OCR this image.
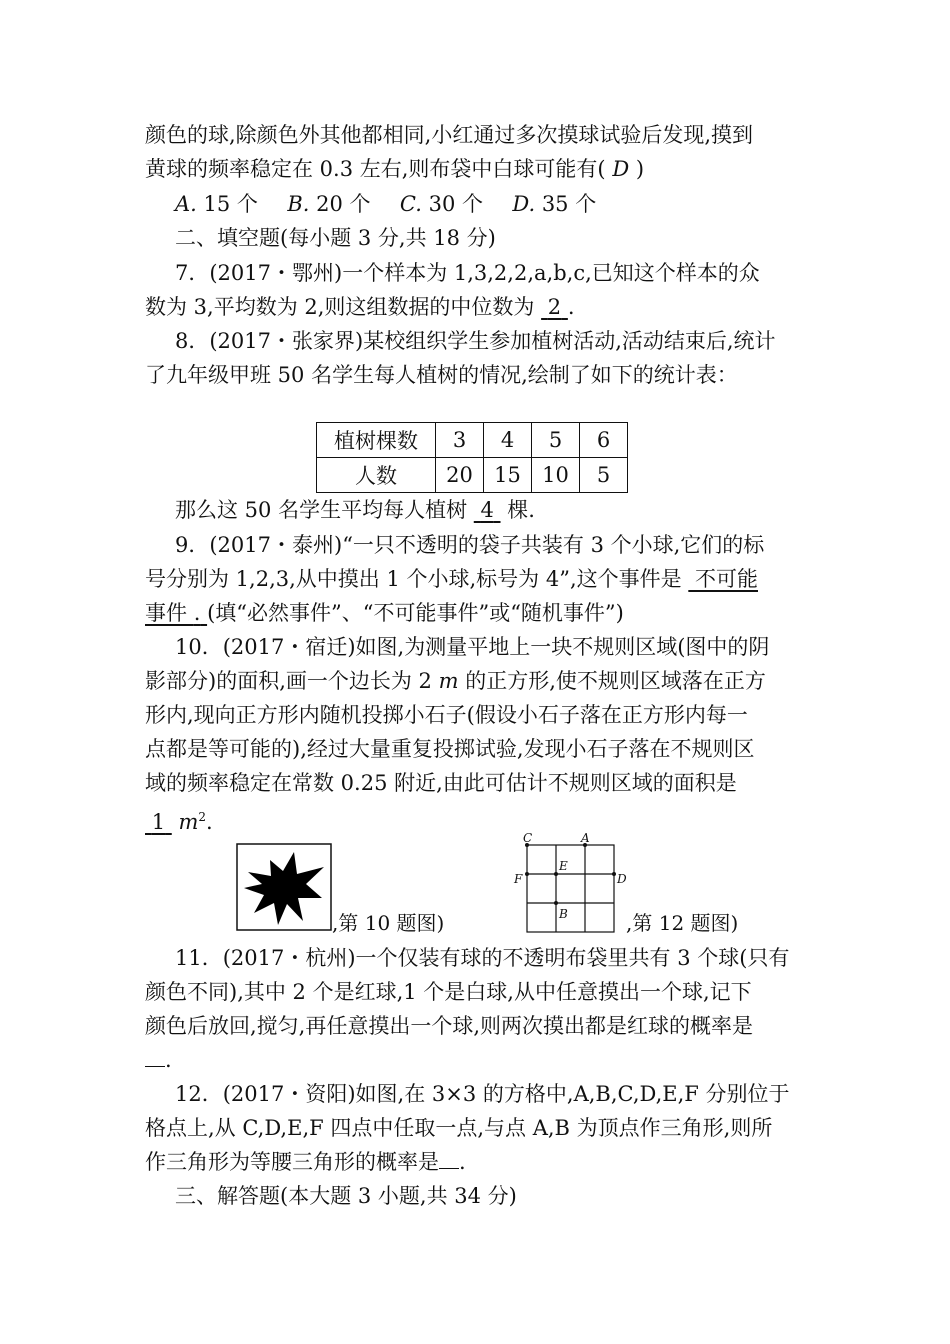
颜色的球,除颜色外其他都相同,小红通过多次摸球试验后发现,摸到
黄球的频率稳定在 0.3 左右,则布袋中白球可能有( D )
A. 15 个 B. 20 个 C. 30 个 D. 35 个
二、填空题(每小题 3 分,共 18 分)
7．(2017・鄂州)一个样本为 1,3,2,2,a,b,c,已知这个样本的众
数为 3,平均数为 2,则这组数据的中位数为 2 .
8．(2017・张家界)某校组织学生参加植树活动,活动结束后,统计
了九年级甲班 50 名学生每人植树的情况,绘制了如下的统计表：
植树棵数	3	4	5	6
人数	20	15	10	5
那么这 50 名学生平均每人植树 4 棵.
9．(2017・泰州)“一只不透明的袋子共装有 3 个小球,它们的标
号分别为 1,2,3,从中摸出 1 个小球,标号为 4”,这个事件是 不可能
事件 . (填“必然事件”、“不可能事件”或“随机事件”)
10．(2017・宿迁)如图,为测量平地上一块不规则区域(图中的阴
影部分)的面积,画一个边长为 2 m 的正方形,使不规则区域落在正方
形内,现向正方形内随机投掷小石子(假设小石子落在正方形内每一
点都是等可能的),经过大量重复投掷试验,发现小石子落在不规则区
域的频率稳定在常数 0.25 附近,由此可估计不规则区域的面积是
1 $m^2$.
,第 10 题图)
C	A
E
F	D
B	,第 12 题图)
11．(2017・杭州)一个仅装有球的不透明布袋里共有 3 个球(只有
颜色不同),其中 2 个是红球,1 个是白球,从中任意摸出一个球,记下
颜色后放回,搅匀,再任意摸出一个球,则两次摸出都是红球的概率是
.
12．(2017・资阳)如图,在 3×3 的方格中,A,B,C,D,E,F 分别位于
格点上,从 C,D,E,F 四点中任取一点,与点 A,B 为顶点作三角形,则所
作三角形为等腰三角形的概率是 .
三、解答题(本大题 3 小题,共 34 分)
